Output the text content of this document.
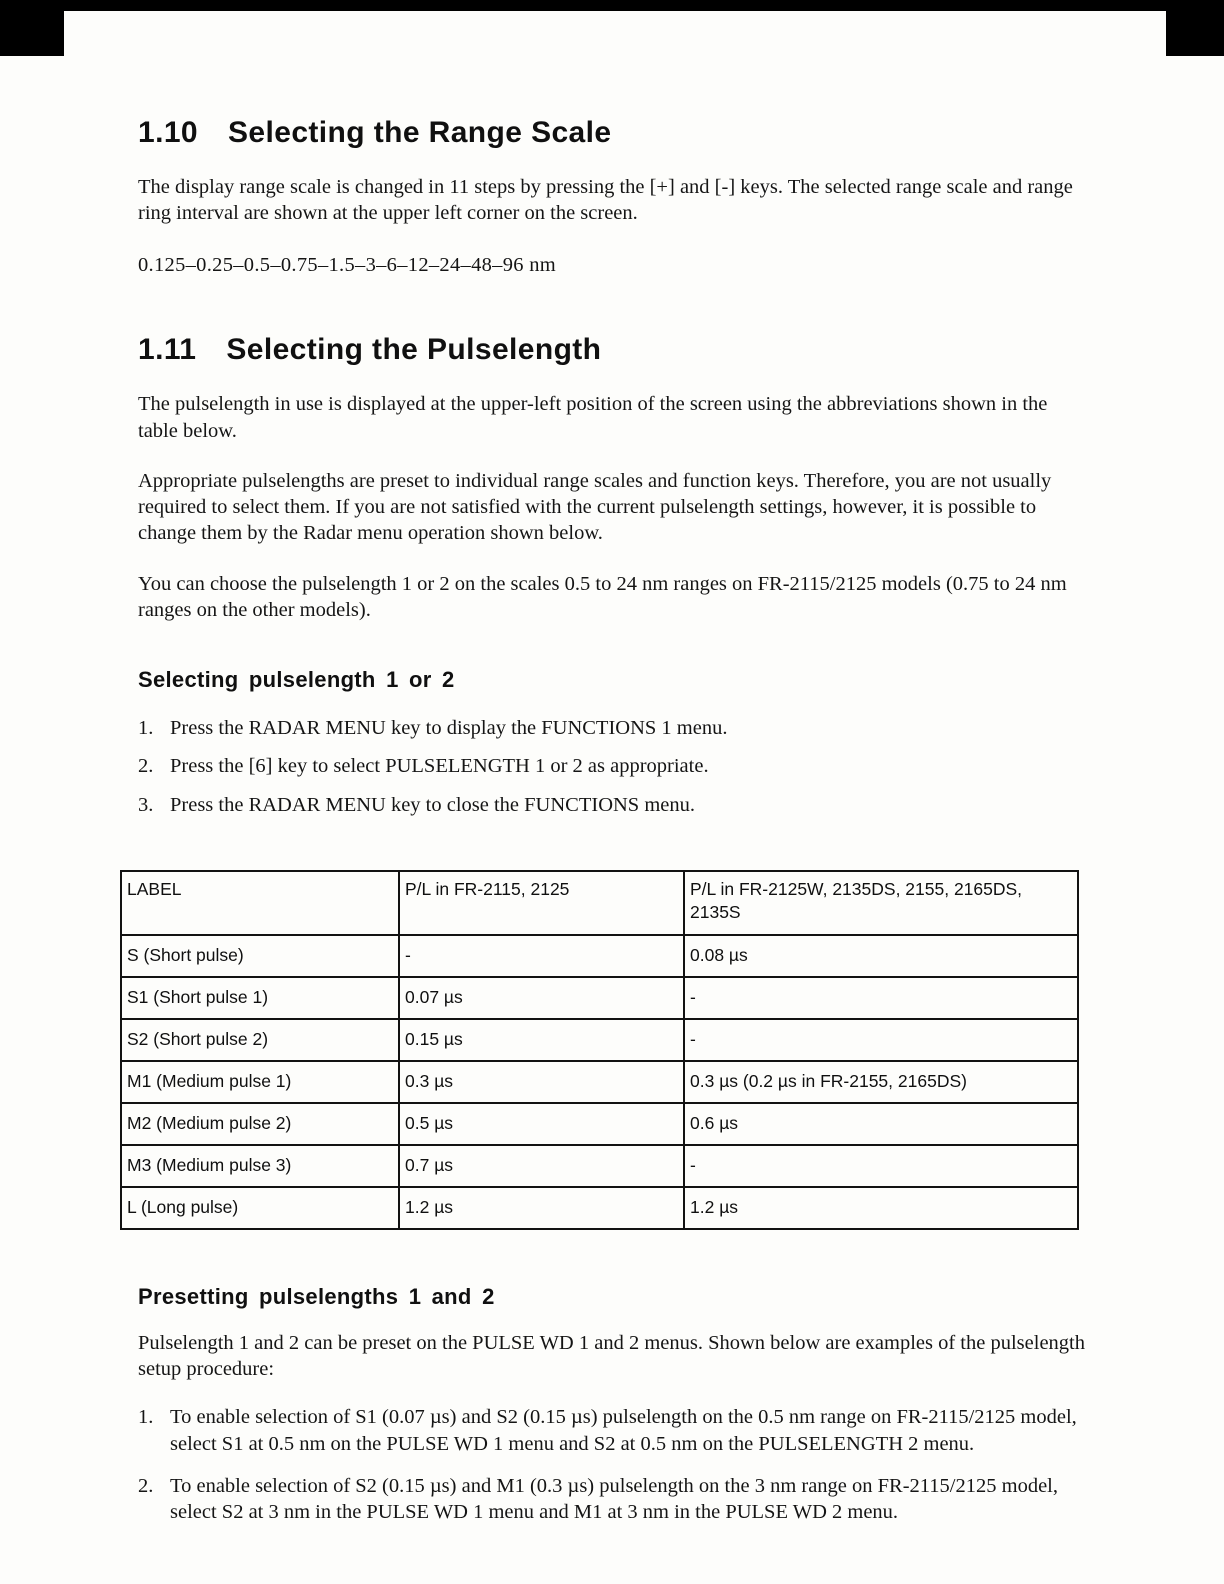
1.10 Selecting the Range Scale

The display range scale is changed in 11 steps by pressing the [+] and [-] keys. The selected range scale and range ring interval are shown at the upper left corner on the screen.

0.125–0.25–0.5–0.75–1.5–3–6–12–24–48–96 nm

1.11 Selecting the Pulselength

The pulselength in use is displayed at the upper-left position of the screen using the abbreviations shown in the table below.

Appropriate pulselengths are preset to individual range scales and function keys. Therefore, you are not usually required to select them. If you are not satisfied with the current pulselength settings, however, it is possible to change them by the Radar menu operation shown below.

You can choose the pulselength 1 or 2 on the scales 0.5 to 24 nm ranges on FR-2115/2125 models (0.75 to 24 nm ranges on the other models).

Selecting pulselength 1 or 2
1. Press the RADAR MENU key to display the FUNCTIONS 1 menu.
2. Press the [6] key to select PULSELENGTH 1 or 2 as appropriate.
3. Press the RADAR MENU key to close the FUNCTIONS menu.
LABEL	P/L in FR-2115, 2125	P/L in FR-2125W, 2135DS, 2155, 2165DS, 2135S
S (Short pulse)	-	0.08 µs
S1 (Short pulse 1)	0.07 µs	-
S2 (Short pulse 2)	0.15 µs	-
M1 (Medium pulse 1)	0.3 µs	0.3 µs (0.2 µs in FR-2155, 2165DS)
M2 (Medium pulse 2)	0.5 µs	0.6 µs
M3 (Medium pulse 3)	0.7 µs	-
L (Long pulse)	1.2 µs	1.2 µs
Presetting pulselengths 1 and 2

Pulselength 1 and 2 can be preset on the PULSE WD 1 and 2 menus. Shown below are examples of the pulselength setup procedure:

1. To enable selection of S1 (0.07 µs) and S2 (0.15 µs) pulselength on the 0.5 nm range on FR-2115/2125 model, select S1 at 0.5 nm on the PULSE WD 1 menu and S2 at 0.5 nm on the PULSELENGTH 2 menu.
2. To enable selection of S2 (0.15 µs) and M1 (0.3 µs) pulselength on the 3 nm range on FR-2115/2125 model, select S2 at 3 nm in the PULSE WD 1 menu and M1 at 3 nm in the PULSE WD 2 menu.
